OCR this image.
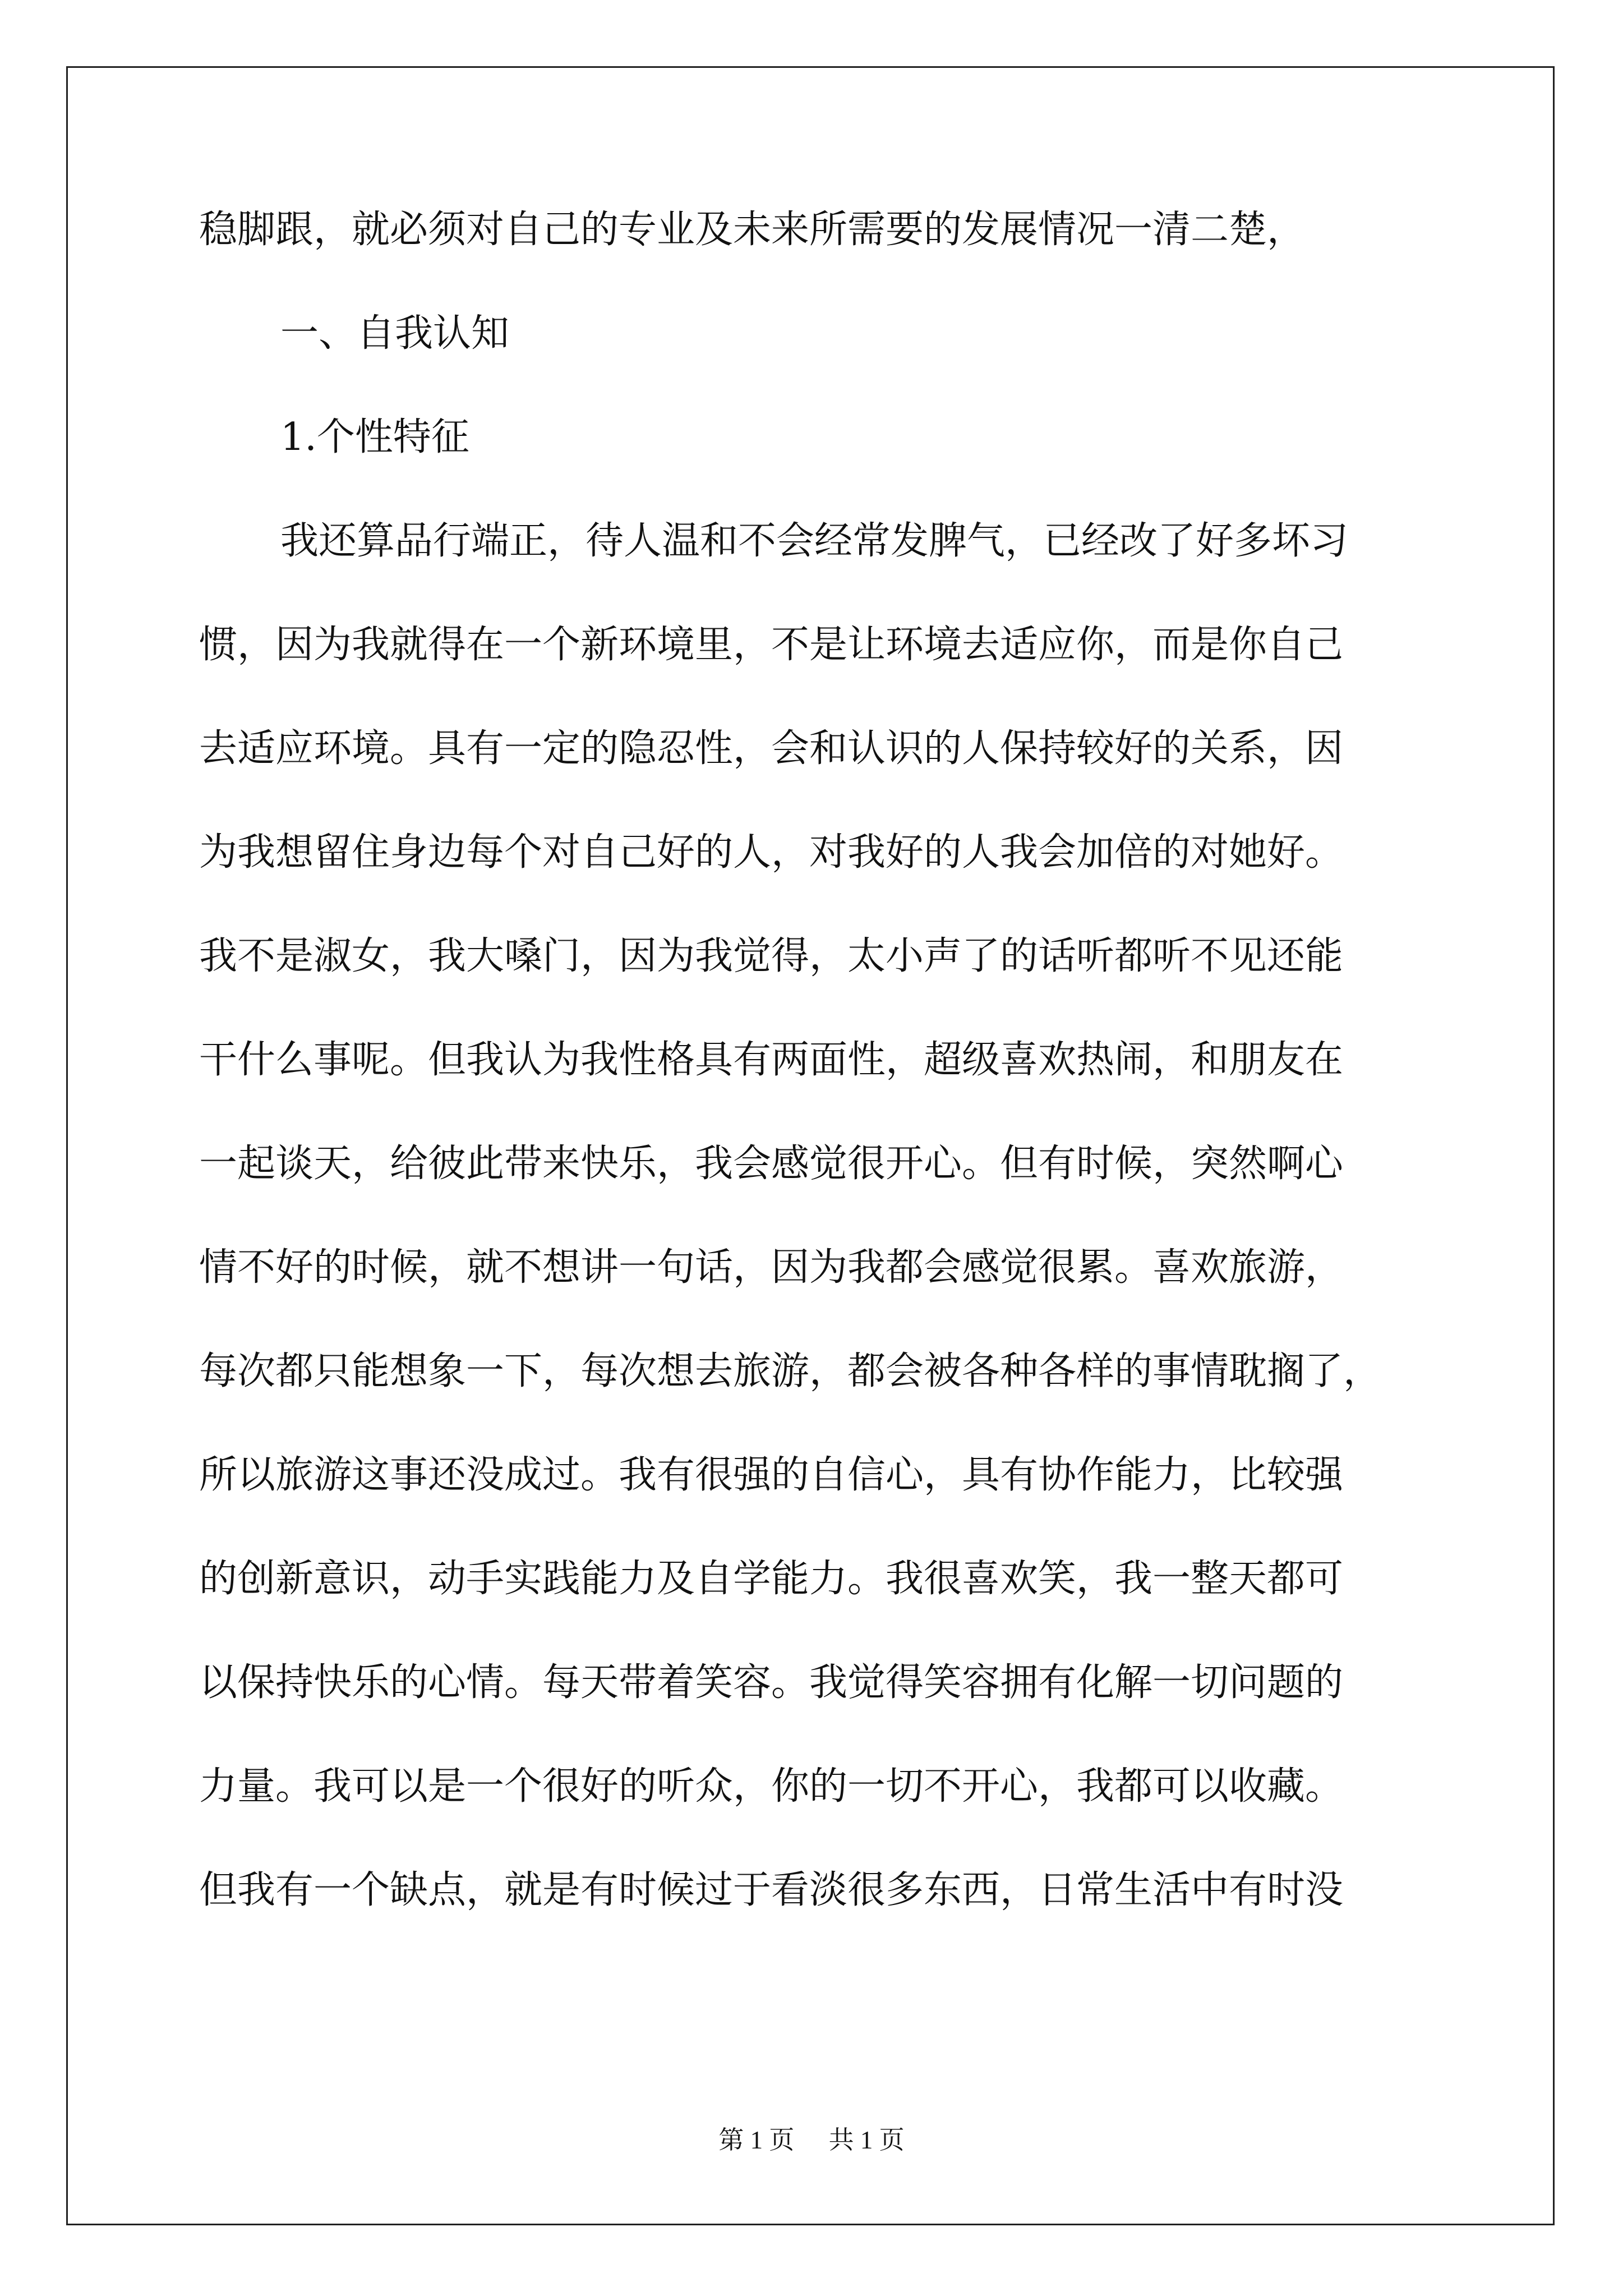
稳脚跟，就必须对自己的专业及未来所需要的发展情况一清二楚，
一、自我认知
1.个性特征
我还算品行端正，待人温和不会经常发脾气，已经改了好多坏习
惯，因为我就得在一个新环境里，不是让环境去适应你，而是你自己
去适应环境。具有一定的隐忍性，会和认识的人保持较好的关系，因
为我想留住身边每个对自己好的人，对我好的人我会加倍的对她好。
我不是淑女，我大嗓门，因为我觉得，太小声了的话听都听不见还能
干什么事呢。但我认为我性格具有两面性，超级喜欢热闹，和朋友在
一起谈天，给彼此带来快乐，我会感觉很开心。但有时候，突然啊心
情不好的时候，就不想讲一句话，因为我都会感觉很累。喜欢旅游，
每次都只能想象一下，每次想去旅游，都会被各种各样的事情耽搁了，
所以旅游这事还没成过。我有很强的自信心，具有协作能力，比较强
的创新意识，动手实践能力及自学能力。我很喜欢笑，我一整天都可
以保持快乐的心情。每天带着笑容。我觉得笑容拥有化解一切问题的
力量。我可以是一个很好的听众，你的一切不开心，我都可以收藏。
但我有一个缺点，就是有时候过于看淡很多东西，日常生活中有时没
第 1 页 共 1 页
